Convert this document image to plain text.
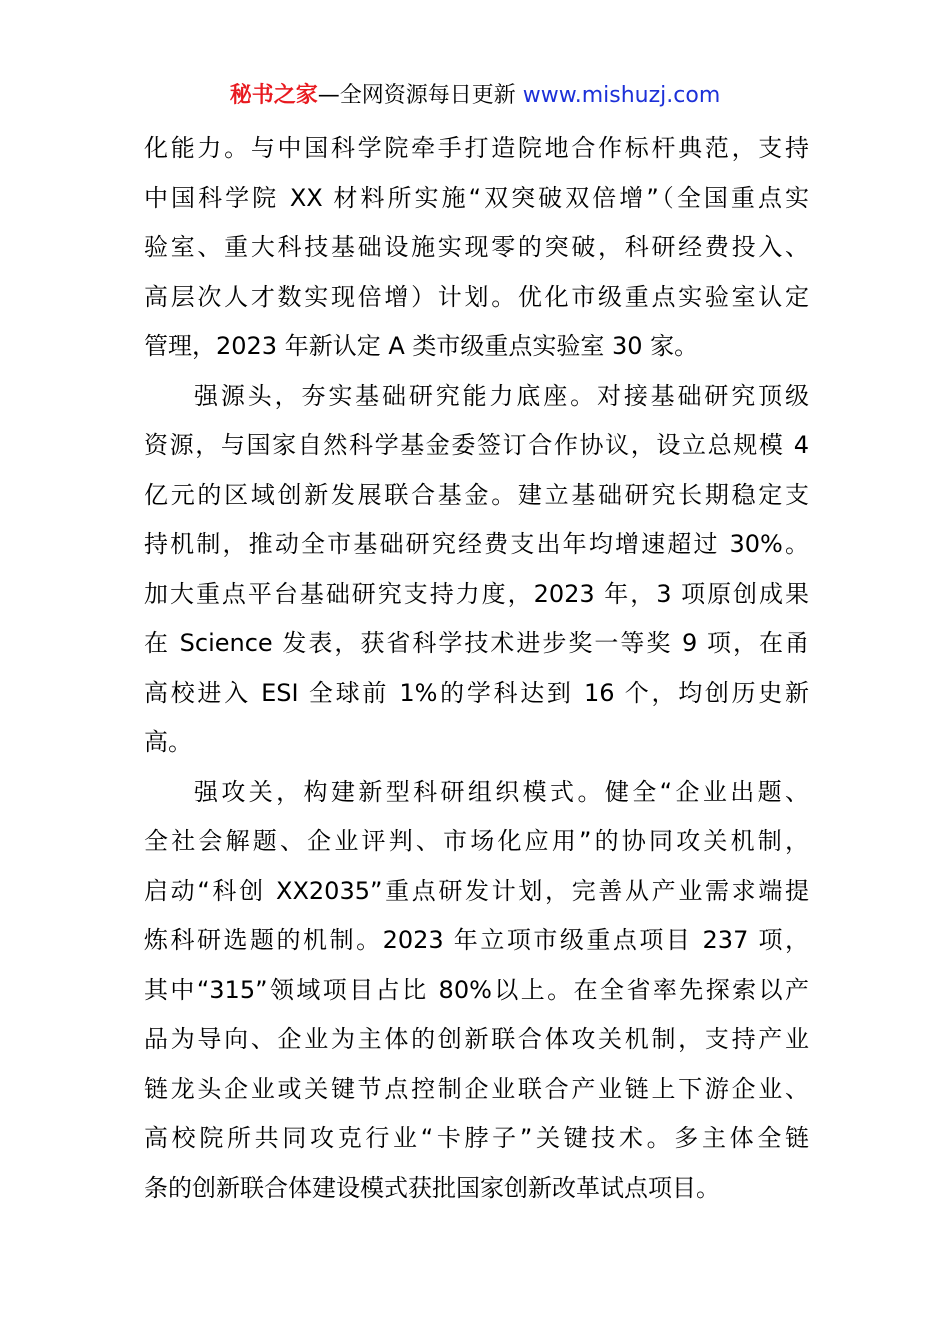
秘书之家—全网资源每日更新 www.mishuzj.com
化能力。与中国科学院牵手打造院地合作标杆典范，支持
中国科学院 XX 材料所实施“双突破双倍增”（全国重点实
验室、重大科技基础设施实现零的突破，科研经费投入、
高层次人才数实现倍增）计划。优化市级重点实验室认定
管理，2023 年新认定 A 类市级重点实验室 30 家。
强源头，夯实基础研究能力底座。对接基础研究顶级
资源，与国家自然科学基金委签订合作协议，设立总规模 4
亿元的区域创新发展联合基金。建立基础研究长期稳定支
持机制，推动全市基础研究经费支出年均增速超过 30%。
加大重点平台基础研究支持力度，2023 年，3 项原创成果
在 Science 发表，获省科学技术进步奖一等奖 9 项，在甬
高校进入 ESI 全球前 1%的学科达到 16 个，均创历史新
高。
强攻关，构建新型科研组织模式。健全“企业出题、
全社会解题、企业评判、市场化应用”的协同攻关机制，
启动“科创 XX2035”重点研发计划，完善从产业需求端提
炼科研选题的机制。2023 年立项市级重点项目 237 项，
其中“315”领域项目占比 80%以上。在全省率先探索以产
品为导向、企业为主体的创新联合体攻关机制，支持产业
链龙头企业或关键节点控制企业联合产业链上下游企业、
高校院所共同攻克行业“卡脖子”关键技术。多主体全链
条的创新联合体建设模式获批国家创新改革试点项目。
